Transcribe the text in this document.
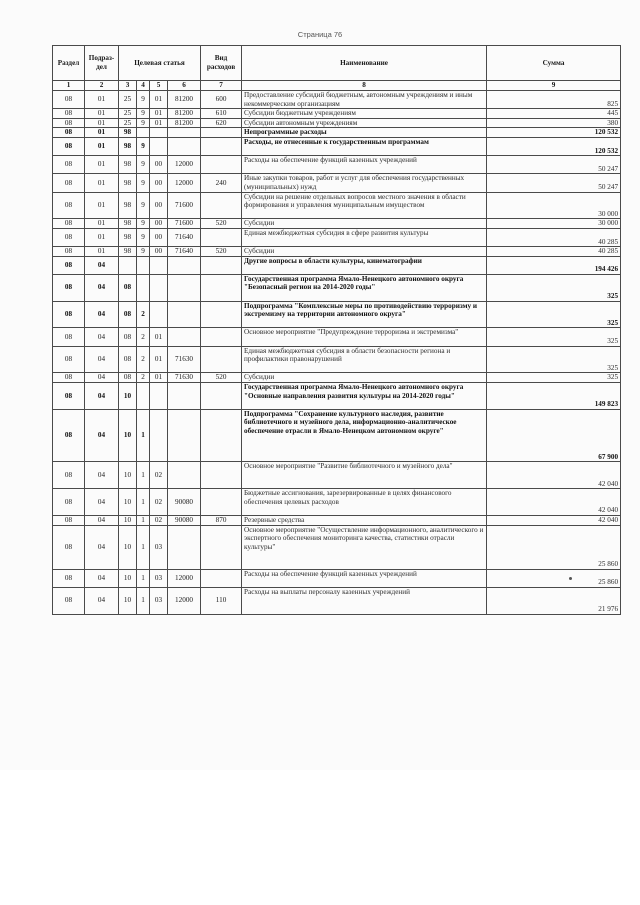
Страница 76
Раздел	Подраз-дел	Целевая статья				Вид расходов	Наименование	Сумма
1	2	3	4	5	6	7	8	9
08	01	25	9	01	81200	600	Предоставление субсидий бюджетным, автономным учреждениям и иным некоммерческим организациям	825
08	01	25	9	01	81200	610	Субсидии бюджетным учреждениям	445
08	01	25	9	01	81200	620	Субсидии автономным учреждениям	380
08	01	98					Непрограммные расходы	120 532
08	01	98	9				Расходы, не отнесенные к государственным программам	120 532
08	01	98	9	00	12000		Расходы на обеспечение функций казенных учреждений	50 247
08	01	98	9	00	12000	240	Иные закупки товаров, работ и услуг для обеспечения государственных (муниципальных) нужд	50 247
08	01	98	9	00	71600		Субсидии на решение отдельных вопросов местного значения в области формирования и управления муниципальным имуществом	30 000
08	01	98	9	00	71600	520	Субсидии	30 000
08	01	98	9	00	71640		Единая межбюджетная субсидия в сфере развития культуры	40 285
08	01	98	9	00	71640	520	Субсидии	40 285
08	04						Другие вопросы в области культуры, кинематографии	194 426
08	04	08					Государственная программа Ямало-Ненецкого автономного округа "Безопасный регион на 2014-2020 годы"	325
08	04	08	2				Подпрограмма "Комплексные меры по противодействию терроризму и экстремизму на территории автономного округа"	325
08	04	08	2	01			Основное мероприятие "Предупреждение терроризма и экстремизма"	325
08	04	08	2	01	71630		Единая межбюджетная субсидия в области безопасности региона и профилактики правонарушений	325
08	04	08	2	01	71630	520	Субсидии	325
08	04	10					Государственная программа Ямало-Ненецкого автономного округа "Основные направления развития культуры на 2014-2020 годы"	149 823
08	04	10	1				Подпрограмма "Сохранение культурного наследия, развитие библиотечного и музейного дела, информационно-аналитическое обеспечение отрасли в Ямало-Ненецком автономном округе"	67 900
08	04	10	1	02			Основное мероприятие "Развитие библиотечного и музейного дела"	42 040
08	04	10	1	02	90080		Бюджетные ассигнования, зарезервированные в целях финансового обеспечения целевых расходов	42 040
08	04	10	1	02	90080	870	Резервные средства	42 040
08	04	10	1	03			Основное мероприятие "Осуществление информационного, аналитического и экспертного обеспечения мониторинга качества, статистики отрасли культуры"	25 860
08	04	10	1	03	12000		Расходы на обеспечение функций казенных учреждений	25 860
08	04	10	1	03	12000	110	Расходы на выплаты персоналу казенных учреждений	21 976
